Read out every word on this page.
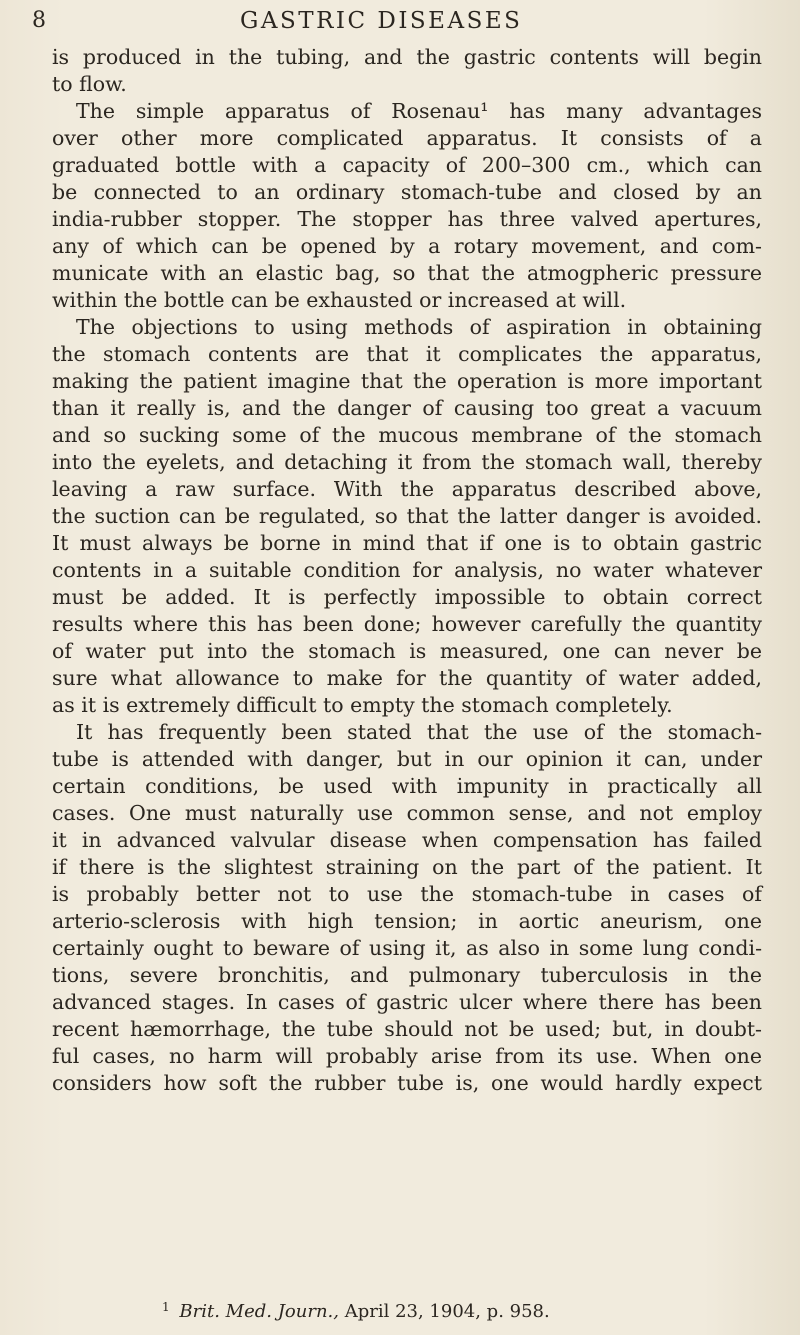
8	GASTRIC DISEASES
is produced in the tubing, and the gastric contents will begin
to flow.
The simple apparatus of Rosenau¹ has many advantages
over other more complicated apparatus. It consists of a
graduated bottle with a capacity of 200–300 cm., which can
be connected to an ordinary stomach-tube and closed by an
india-rubber stopper. The stopper has three valved apertures,
any of which can be opened by a rotary movement, and com-
municate with an elastic bag, so that the atmogpheric pressure
within the bottle can be exhausted or increased at will.
The objections to using methods of aspiration in obtaining
the stomach contents are that it complicates the apparatus,
making the patient imagine that the operation is more important
than it really is, and the danger of causing too great a vacuum
and so sucking some of the mucous membrane of the stomach
into the eyelets, and detaching it from the stomach wall, thereby
leaving a raw surface. With the apparatus described above,
the suction can be regulated, so that the latter danger is avoided.
It must always be borne in mind that if one is to obtain gastric
contents in a suitable condition for analysis, no water whatever
must be added. It is perfectly impossible to obtain correct
results where this has been done; however carefully the quantity
of water put into the stomach is measured, one can never be
sure what allowance to make for the quantity of water added,
as it is extremely difficult to empty the stomach completely.
It has frequently been stated that the use of the stomach-
tube is attended with danger, but in our opinion it can, under
certain conditions, be used with impunity in practically all
cases. One must naturally use common sense, and not employ
it in advanced valvular disease when compensation has failed
if there is the slightest straining on the part of the patient. It
is probably better not to use the stomach-tube in cases of
arterio-sclerosis with high tension; in aortic aneurism, one
certainly ought to beware of using it, as also in some lung condi-
tions, severe bronchitis, and pulmonary tuberculosis in the
advanced stages. In cases of gastric ulcer where there has been
recent hæmorrhage, the tube should not be used; but, in doubt-
ful cases, no harm will probably arise from its use. When one
considers how soft the rubber tube is, one would hardly expect
$^1$ Brit. Med. Journ., April 23, 1904, p. 958.
